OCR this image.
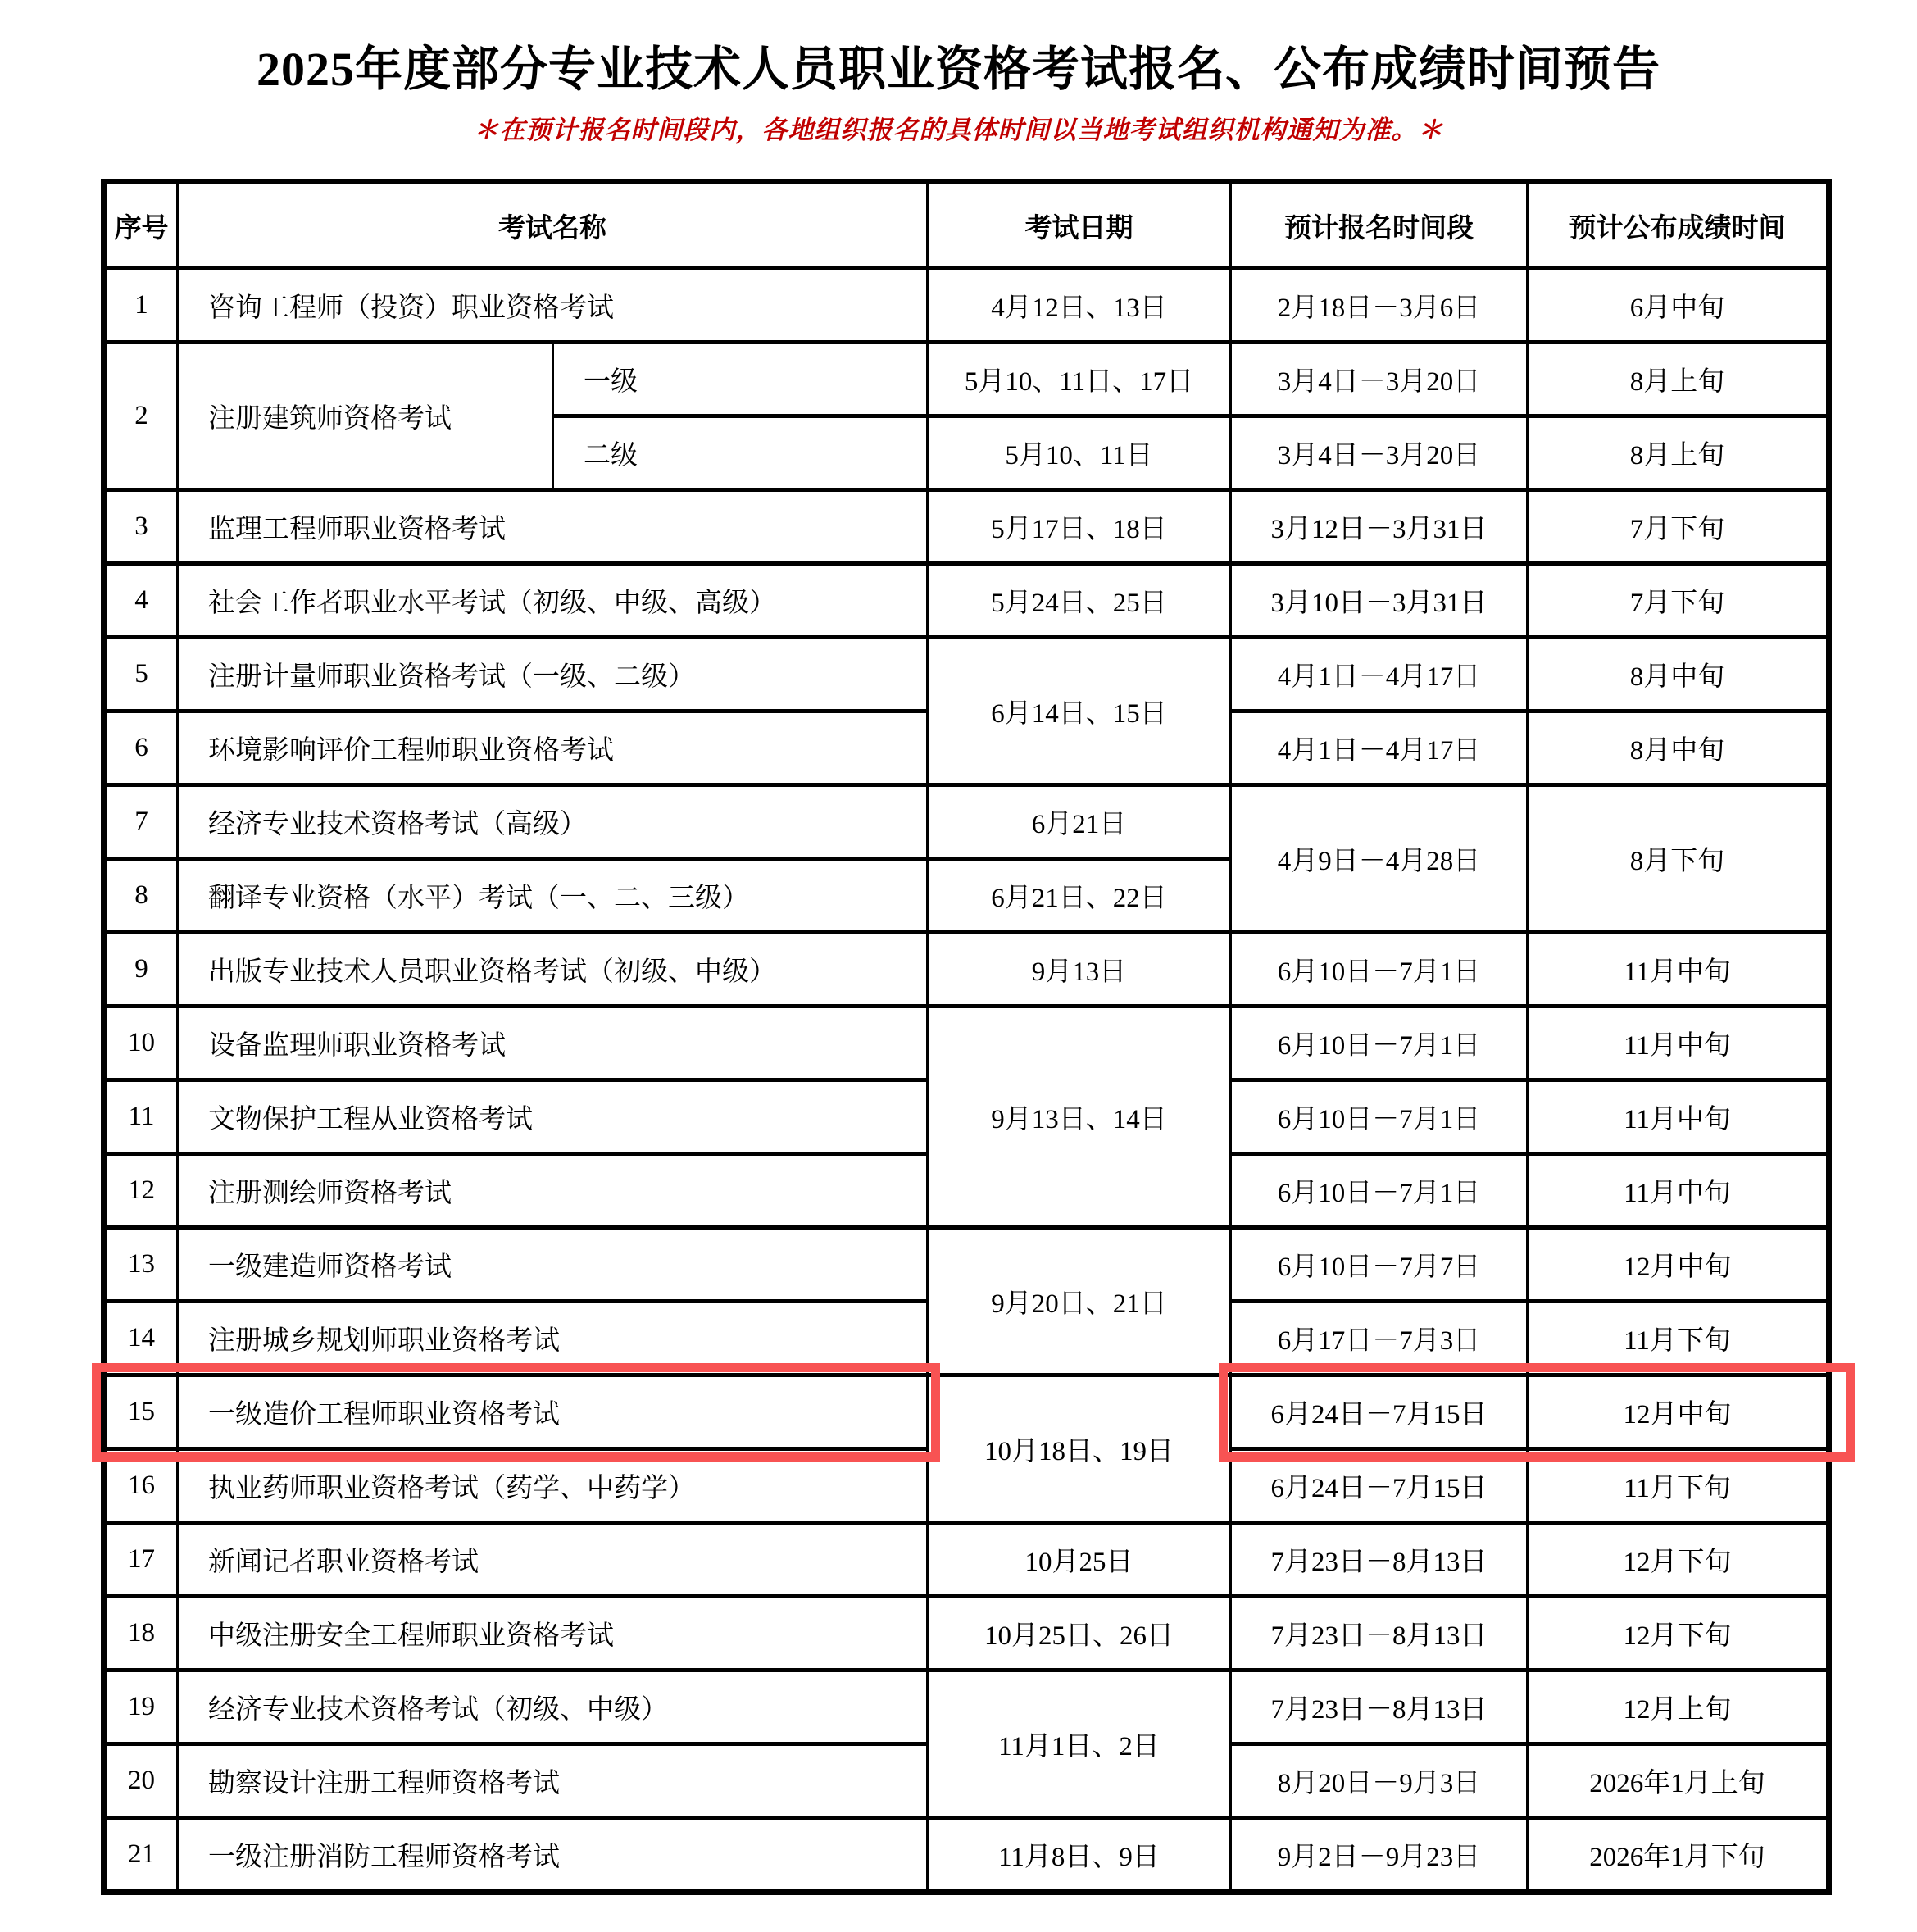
2025年度部分专业技术人员职业资格考试报名、公布成绩时间预告
＊在预计报名时间段内，各地组织报名的具体时间以当地考试组织机构通知为准。＊
序号	考试名称		考试日期	预计报名时间段	预计公布成绩时间
1	咨询工程师（投资）职业资格考试		4月12日、13日	2月18日－3月6日	6月中旬
2	注册建筑师资格考试	一级	5月10、11日、17日	3月4日－3月20日	8月上旬
		二级	5月10、11日	3月4日－3月20日	8月上旬
3	监理工程师职业资格考试		5月17日、18日	3月12日－3月31日	7月下旬
4	社会工作者职业水平考试（初级、中级、高级）		5月24日、25日	3月10日－3月31日	7月下旬
5	注册计量师职业资格考试（一级、二级）		6月14日、15日	4月1日－4月17日	8月中旬
6	环境影响评价工程师职业资格考试			4月1日－4月17日	8月中旬
7	经济专业技术资格考试（高级）		6月21日	4月9日－4月28日	8月下旬
8	翻译专业资格（水平）考试（一、二、三级）		6月21日、22日		
9	出版专业技术人员职业资格考试（初级、中级）		9月13日	6月10日－7月1日	11月中旬
10	设备监理师职业资格考试		9月13日、14日	6月10日－7月1日	11月中旬
11	文物保护工程从业资格考试			6月10日－7月1日	11月中旬
12	注册测绘师资格考试			6月10日－7月1日	11月中旬
13	一级建造师资格考试		9月20日、21日	6月10日－7月7日	12月中旬
14	注册城乡规划师职业资格考试			6月17日－7月3日	11月下旬
15	一级造价工程师职业资格考试		10月18日、19日	6月24日－7月15日	12月中旬
16	执业药师职业资格考试（药学、中药学）			6月24日－7月15日	11月下旬
17	新闻记者职业资格考试		10月25日	7月23日－8月13日	12月下旬
18	中级注册安全工程师职业资格考试		10月25日、26日	7月23日－8月13日	12月下旬
19	经济专业技术资格考试（初级、中级）		11月1日、2日	7月23日－8月13日	12月上旬
20	勘察设计注册工程师资格考试			8月20日－9月3日	2026年1月上旬
21	一级注册消防工程师资格考试		11月8日、9日	9月2日－9月23日	2026年1月下旬
